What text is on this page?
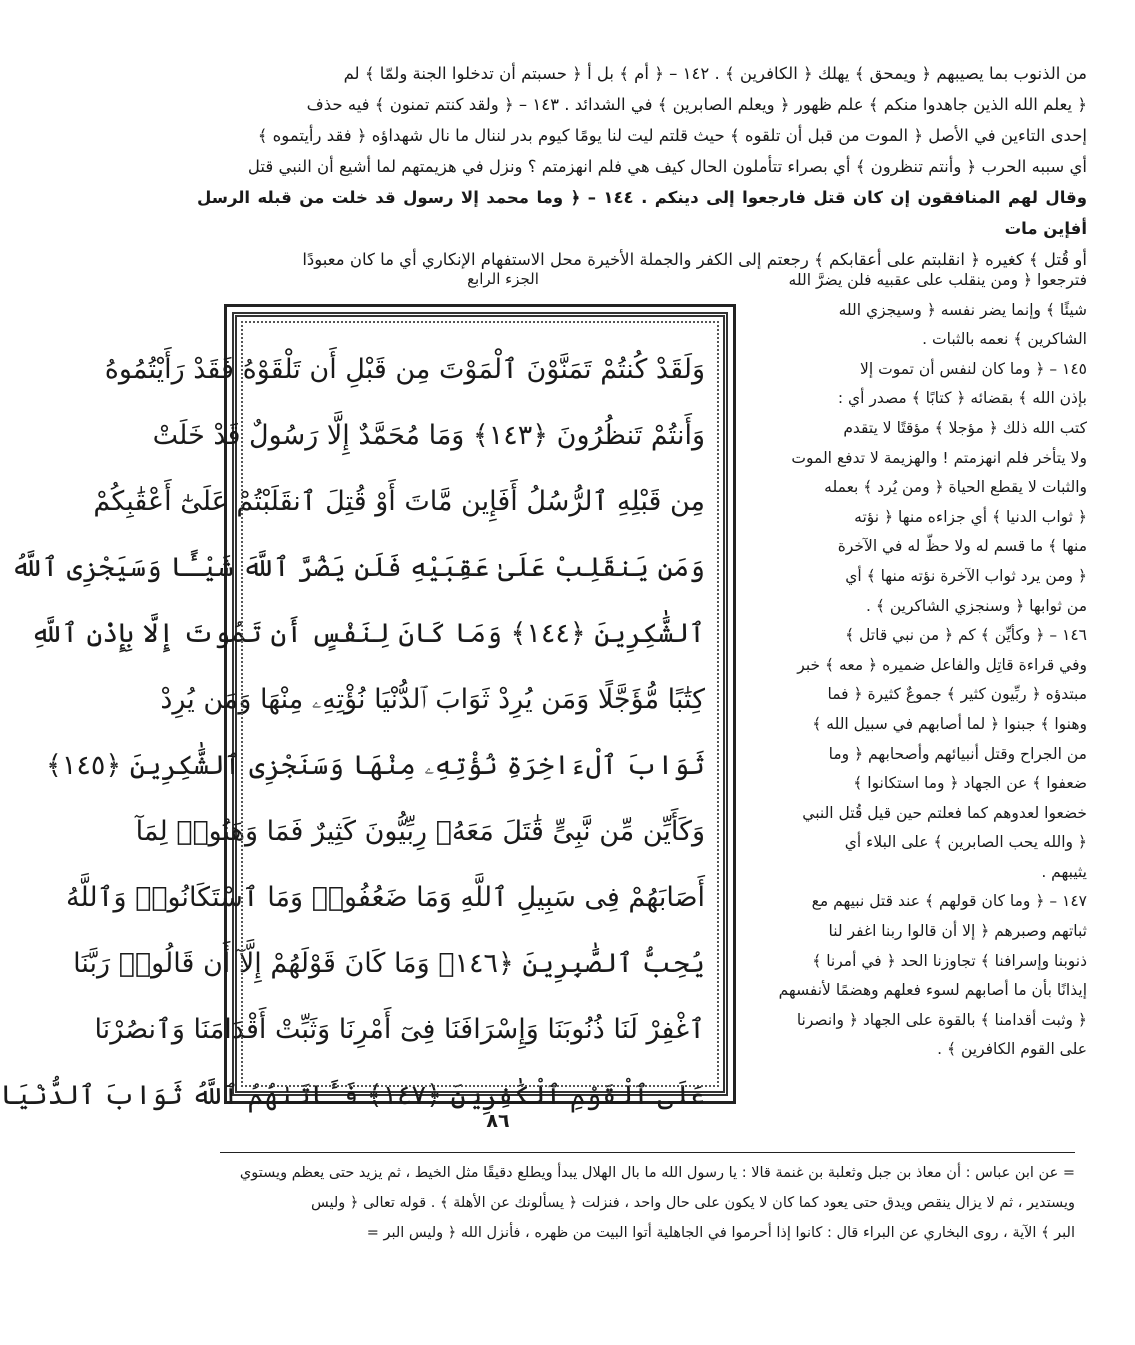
من الذنوب بما يصيبهم ﴿ ويمحق ﴾ يهلك ﴿ الكافرين ﴾ . ١٤٢ – ﴿ أم ﴾ بل أ ﴿ حسبتم أن تدخلوا الجنة ولمّا ﴾ لم
﴿ يعلم الله الذين جاهدوا منكم ﴾ علم ظهور ﴿ ويعلم الصابرين ﴾ في الشدائد . ١٤٣ – ﴿ ولقد كنتم تمنون ﴾ فيه حذف
إحدى التاءين في الأصل ﴿ الموت من قبل أن تلقوه ﴾ حيث قلتم ليت لنا يومًا كيوم بدر لننال ما نال شهداؤه ﴿ فقد رأيتموه ﴾
أي سببه الحرب ﴿ وأنتم تنظرون ﴾ أي بصراء تتأملون الحال كيف هي فلم انهزمتم ؟ ونزل في هزيمتهم لما أشيع أن النبي قتل
وقال لهم المنافقون إن كان قتل فارجعوا إلى دينكم . ١٤٤ – ﴿ وما محمد إلا رسول قد خلت من قبله الرسل أفإين مات
أو قُتل ﴾ كغيره ﴿ انقلبتم على أعقابكم ﴾ رجعتم إلى الكفر والجملة الأخيرة محل الاستفهام الإنكاري أي ما كان معبودًا
فترجعوا ﴿ ومن ينقلب على عقبيه فلن يضرَّ الله
شيئًا ﴾ وإنما يضر نفسه ﴿ وسيجزي الله
الشاكرين ﴾ نعمه بالثبات .
١٤٥ – ﴿ وما كان لنفس أن تموت إلا
بإذن الله ﴾ بقضائه ﴿ كتابًا ﴾ مصدر أي :
كتب الله ذلك ﴿ مؤجلا ﴾ مؤقتًا لا يتقدم
ولا يتأخر فلم انهزمتم ! والهزيمة لا تدفع الموت
والثبات لا يقطع الحياة ﴿ ومن يُرد ﴾ بعمله
﴿ ثواب الدنيا ﴾ أي جزاءه منها ﴿ نؤته
منها ﴾ ما قسم له ولا حظّ له في الآخرة
﴿ ومن يرد ثواب الآخرة نؤته منها ﴾ أي
من ثوابها ﴿ وسنجزي الشاكرين ﴾ .
١٤٦ – ﴿ وكأيِّن ﴾ كم ﴿ من نبي قاتل ﴾
وفي قراءة قاتِل والفاعل ضميره ﴿ معه ﴾ خبر
مبتدؤه ﴿ ربِّيون كثير ﴾ جموعٌ كثيرة ﴿ فما
وهنوا ﴾ جبنوا ﴿ لما أصابهم في سبيل الله ﴾
من الجراح وقتل أنبيائهم وأصحابهم ﴿ وما
ضعفوا ﴾ عن الجهاد ﴿ وما استكانوا ﴾
خضعوا لعدوهم كما فعلتم حين قيل قُتل النبي
﴿ والله يحب الصابرين ﴾ على البلاء أي
يثيبهم .
١٤٧ – ﴿ وما كان قولهم ﴾ عند قتل نبيهم مع
ثباتهم وصبرهم ﴿ إلا أن قالوا ربنا اغفر لنا
ذنوبنا وإسرافنا ﴾ تجاوزنا الحد ﴿ في أمرنا ﴾
إيذانًا بأن ما أصابهم لسوء فعلهم وهضمًا لأنفسهم
﴿ وثبت أقدامنا ﴾ بالقوة على الجهاد ﴿ وانصرنا
على القوم الكافرين ﴾ .
الجزء الرابع
وَلَقَدْ كُنتُمْ تَمَنَّوْنَ ٱلْمَوْتَ مِن قَبْلِ أَن تَلْقَوْهُ فَقَدْ رَأَيْتُمُوهُ
وَأَنتُمْ تَنظُرُونَ ﴿١٤٣﴾ وَمَا مُحَمَّدٌ إِلَّا رَسُولٌ قَدْ خَلَتْ
مِن قَبْلِهِ ٱلرُّسُلُ أَفَإِين مَّاتَ أَوْ قُتِلَ ٱنقَلَبْتُمْ عَلَىٰٓ أَعْقَٰبِكُمْ
وَمَن يَنقَلِبْ عَلَىٰ عَقِبَيْهِ فَلَن يَضُرَّ ٱللَّهَ شَيْـًٔا وَسَيَجْزِى ٱللَّهُ
ٱلشَّٰكِرِينَ ﴿١٤٤﴾ وَمَا كَانَ لِنَفْسٍ أَن تَمُوتَ إِلَّا بِإِذْنِ ٱللَّهِ
كِتَٰبًا مُّؤَجَّلًا وَمَن يُرِدْ ثَوَابَ ٱلدُّنْيَا نُؤْتِهِۦ مِنْهَا وَمَن يُرِدْ
ثَوَابَ ٱلْءَاخِرَةِ نُؤْتِهِۦ مِنْهَا وَسَنَجْزِى ٱلشَّٰكِرِينَ ﴿١٤٥﴾
وَكَأَيِّن مِّن نَّبِىٍّ قَٰتَلَ مَعَهُۥ رِبِّيُّونَ كَثِيرٌ فَمَا وَهَنُوا۟ لِمَآ
أَصَابَهُمْ فِى سَبِيلِ ٱللَّهِ وَمَا ضَعُفُوا۟ وَمَا ٱسْتَكَانُوا۟ وَٱللَّهُ
يُحِبُّ ٱلصَّٰبِرِينَ ﴿١٤٦﴾ وَمَا كَانَ قَوْلَهُمْ إِلَّآ أَن قَالُوا۟ رَبَّنَا
ٱغْفِرْ لَنَا ذُنُوبَنَا وَإِسْرَافَنَا فِىٓ أَمْرِنَا وَثَبِّتْ أَقْدَامَنَا وَٱنصُرْنَا
عَلَى ٱلْقَوْمِ ٱلْكَٰفِرِينَ ﴿١٤٧﴾ فَـَٔاتَىٰهُمُ ٱللَّهُ ثَوَابَ ٱلدُّنْيَا
٨٦
= عن ابن عباس : أن معاذ بن جبل وثعلبة بن غنمة قالا : يا رسول الله ما بال الهلال يبدأ ويطلع دقيقًا مثل الخيط ، ثم يزيد حتى يعظم ويستوي
ويستدير ، ثم لا يزال ينقص ويدق حتى يعود كما كان لا يكون على حال واحد ، فنزلت ﴿ يسألونك عن الأهلة ﴾ . قوله تعالى ﴿ وليس
البر ﴾ الآية ، روى البخاري عن البراء قال : كانوا إذا أحرموا في الجاهلية أتوا البيت من ظهره ، فأنزل الله ﴿ وليس البر =
